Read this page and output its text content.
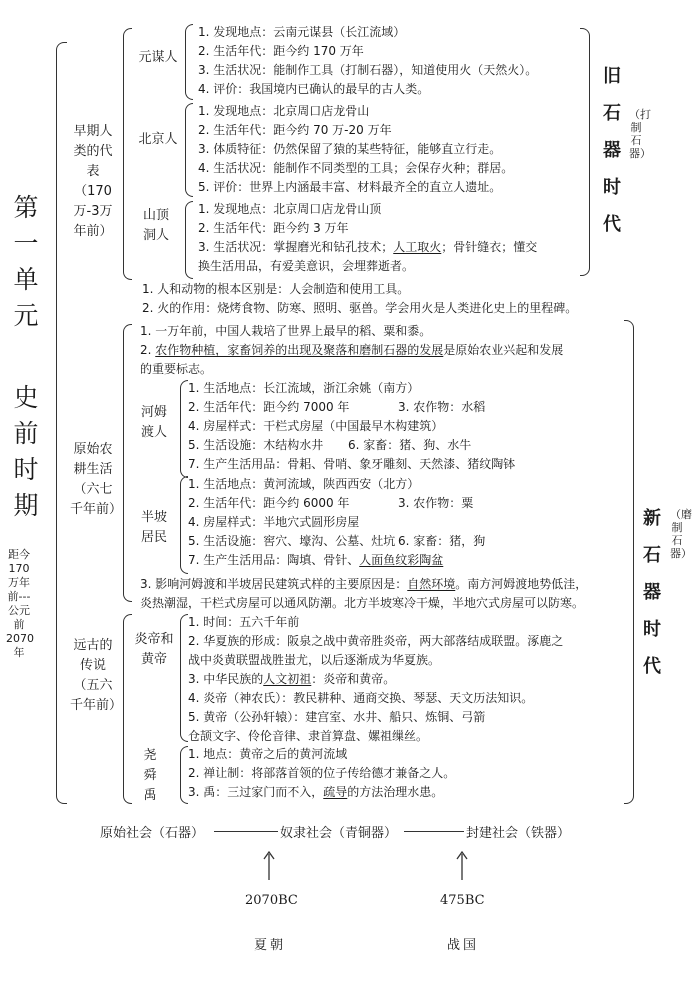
第一单元
史前时期
距今170万年前---公元前2070年
早期人类的代表（170万-3万年前）
元谋人
1. 发现地点：云南元谋县（长江流域）
2. 生活年代：距今约 170 万年
3. 生活状况：能制作工具（打制石器），知道使用火（天然火）。
4. 评价：我国境内已确认的最早的古人类。
北京人
1. 发现地点：北京周口店龙骨山
2. 生活年代：距今约 70 万-20 万年
3. 体质特征：仍然保留了猿的某些特征，能够直立行走。
4. 生活状况：能制作不同类型的工具；会保存火种；群居。
5. 评价：世界上内涵最丰富、材料最齐全的直立人遗址。
山顶洞人
1. 发现地点：北京周口店龙骨山顶
2. 生活年代：距今约 3 万年
3. 生活状况：掌握磨光和钻孔技术；人工取火；骨针缝衣；懂交
换生活用品，有爱美意识，会埋葬逝者。
1. 人和动物的根本区别是：人会制造和使用工具。
2. 火的作用：烧烤食物、防寒、照明、驱兽。学会用火是人类进化史上的里程碑。
旧石器时代
（打制石器）
原始农耕生活（六七千年前）
1. 一万年前，中国人栽培了世界上最早的稻、粟和黍。
2. 农作物种植，家畜饲养的出现及聚落和磨制石器的发展是原始农业兴起和发展
的重要标志。
河姆渡人
1. 生活地点：长江流域，浙江余姚（南方）
2. 生活年代：距今约 7000 年	3. 农作物：水稻
4. 房屋样式：干栏式房屋（中国最早木构建筑）
5. 生活设施：木结构水井 6. 家畜：猪、狗、水牛
7. 生产生活用品：骨耜、骨哨、象牙雕刻、天然漆、猪纹陶钵
半坡居民
1. 生活地点：黄河流域，陕西西安（北方）
2. 生活年代：距今约 6000 年	3. 农作物：粟
4. 房屋样式：半地穴式圆形房屋
5. 生活设施：窖穴、壕沟、公墓、灶坑 6. 家畜：猪，狗
7. 生产生活用品：陶填、骨针、人面鱼纹彩陶盆
3. 影响河姆渡和半坡居民建筑式样的主要原因是：自然环境。南方河姆渡地势低洼，
炎热潮湿，干栏式房屋可以通风防潮。北方半坡寒冷干燥，半地穴式房屋可以防寒。
远古的传说（五六千年前）
炎帝和黄帝
1. 时间：五六千年前
2. 华夏族的形成：阪泉之战中黄帝胜炎帝，两大部落结成联盟。涿鹿之
战中炎黄联盟战胜蚩尤，以后逐渐成为华夏族。
3. 中华民族的人文初祖：炎帝和黄帝。
4. 炎帝（神农氏）：教民耕种、通商交换、琴瑟、天文历法知识。
5. 黄帝（公孙轩辕）：建宫室、水井、船只、炼铜、弓箭
仓颉文字、伶伦音律、隶首算盘、嫘祖缫丝。
尧舜禹
1. 地点：黄帝之后的黄河流域
2. 禅让制：将部落首领的位子传给德才兼备之人。
3. 禹：三过家门而不入，疏导的方法治理水患。
新石器时代
（磨制石器）
原始社会（石器）	奴隶社会（青铜器）	封建社会（铁器）
2070BC	475BC
夏朝	战国
